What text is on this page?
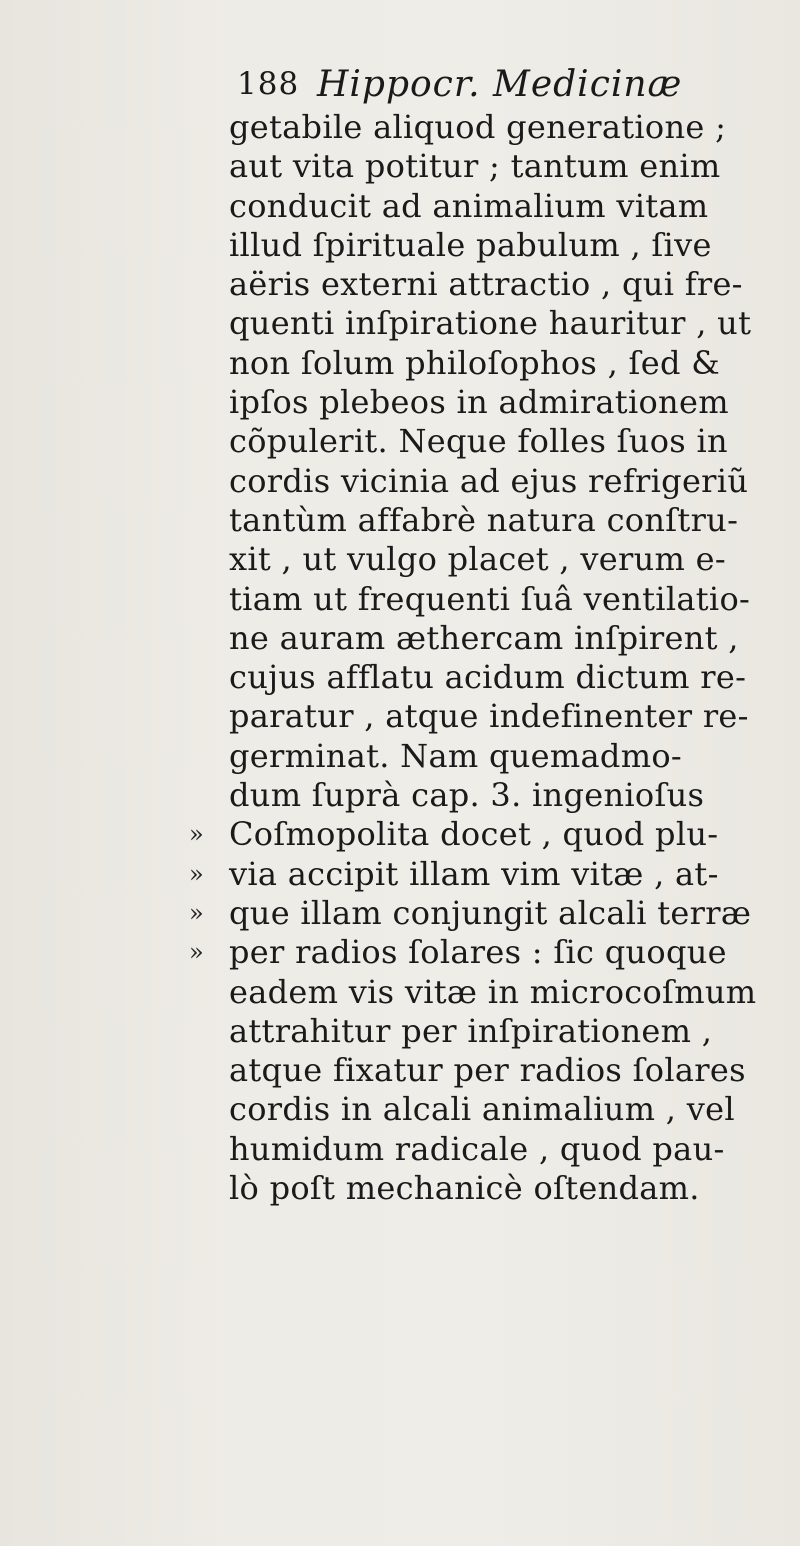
188 Hippocr. Medicinæ
getabile aliquod generatione ;
aut vita potitur ; tantum enim
conducit ad animalium vitam
illud ſpirituale pabulum , ſive
aëris externi attractio , qui fre-
quenti inſpiratione hauritur , ut
non ſolum philoſophos , ſed &
ipſos plebeos in admirationem
cõpulerit. Neque folles ſuos in
cordis vicinia ad ejus refrigeriũ
tantùm affabrè natura conſtru-
xit , ut vulgo placet , verum e-
tiam ut frequenti ſuâ ventilatio-
ne auram æthercam inſpirent ,
cujus afflatu acidum dictum re-
paratur , atque indefinenter re-
germinat. Nam quemadmo-
dum ſuprà cap. 3. ingenioſus
» Coſmopolita docet , quod plu-
» via accipit illam vim vitæ , at-
» que illam conjungit alcali terræ
» per radios ſolares : ſic quoque
eadem vis vitæ in microcoſmum
attrahitur per inſpirationem ,
atque fixatur per radios ſolares
cordis in alcali animalium , vel
humidum radicale , quod pau-
lò poſt mechanicè oſtendam.
